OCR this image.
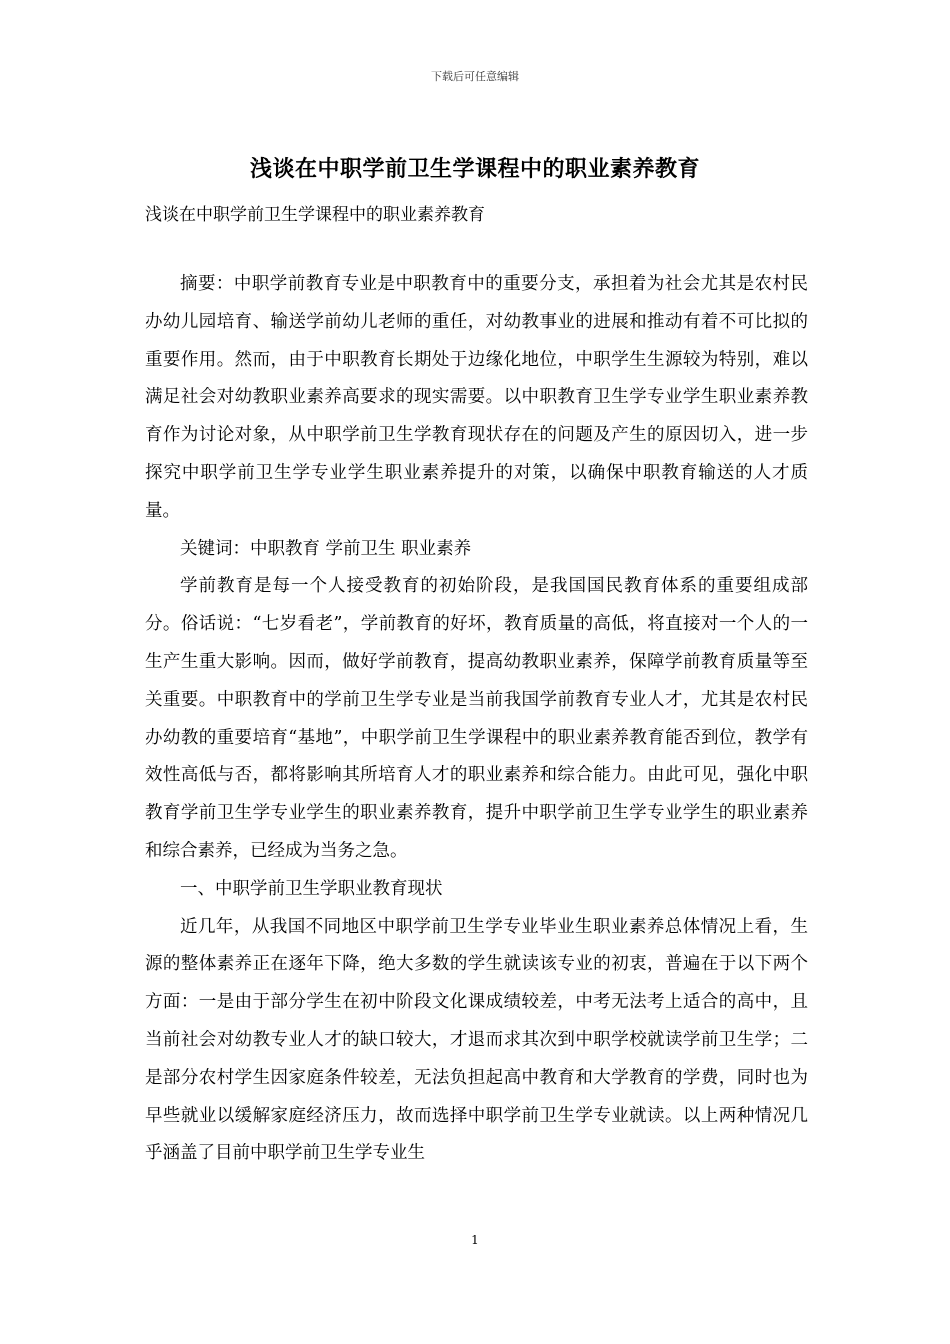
下载后可任意编辑
浅谈在中职学前卫生学课程中的职业素养教育
浅谈在中职学前卫生学课程中的职业素养教育

摘要：中职学前教育专业是中职教育中的重要分支，承担着为社会尤其是农村民办幼儿园培育、输送学前幼儿老师的重任，对幼教事业的进展和推动有着不可比拟的重要作用。然而，由于中职教育长期处于边缘化地位，中职学生生源较为特别，难以满足社会对幼教职业素养高要求的现实需要。以中职教育卫生学专业学生职业素养教育作为讨论对象，从中职学前卫生学教育现状存在的问题及产生的原因切入，进一步探究中职学前卫生学专业学生职业素养提升的对策，以确保中职教育输送的人才质量。

关键词：中职教育 学前卫生 职业素养

学前教育是每一个人接受教育的初始阶段，是我国国民教育体系的重要组成部分。俗话说：“七岁看老”，学前教育的好坏，教育质量的高低，将直接对一个人的一生产生重大影响。因而，做好学前教育，提高幼教职业素养，保障学前教育质量等至关重要。中职教育中的学前卫生学专业是当前我国学前教育专业人才，尤其是农村民办幼教的重要培育“基地”，中职学前卫生学课程中的职业素养教育能否到位，教学有效性高低与否，都将影响其所培育人才的职业素养和综合能力。由此可见，强化中职教育学前卫生学专业学生的职业素养教育，提升中职学前卫生学专业学生的职业素养和综合素养，已经成为当务之急。

一、中职学前卫生学职业教育现状

近几年，从我国不同地区中职学前卫生学专业毕业生职业素养总体情况上看，生源的整体素养正在逐年下降，绝大多数的学生就读该专业的初衷，普遍在于以下两个方面：一是由于部分学生在初中阶段文化课成绩较差，中考无法考上适合的高中，且当前社会对幼教专业人才的缺口较大，才退而求其次到中职学校就读学前卫生学；二是部分农村学生因家庭条件较差，无法负担起高中教育和大学教育的学费，同时也为早些就业以缓解家庭经济压力，故而选择中职学前卫生学专业就读。以上两种情况几乎涵盖了目前中职学前卫生学专业生

1
